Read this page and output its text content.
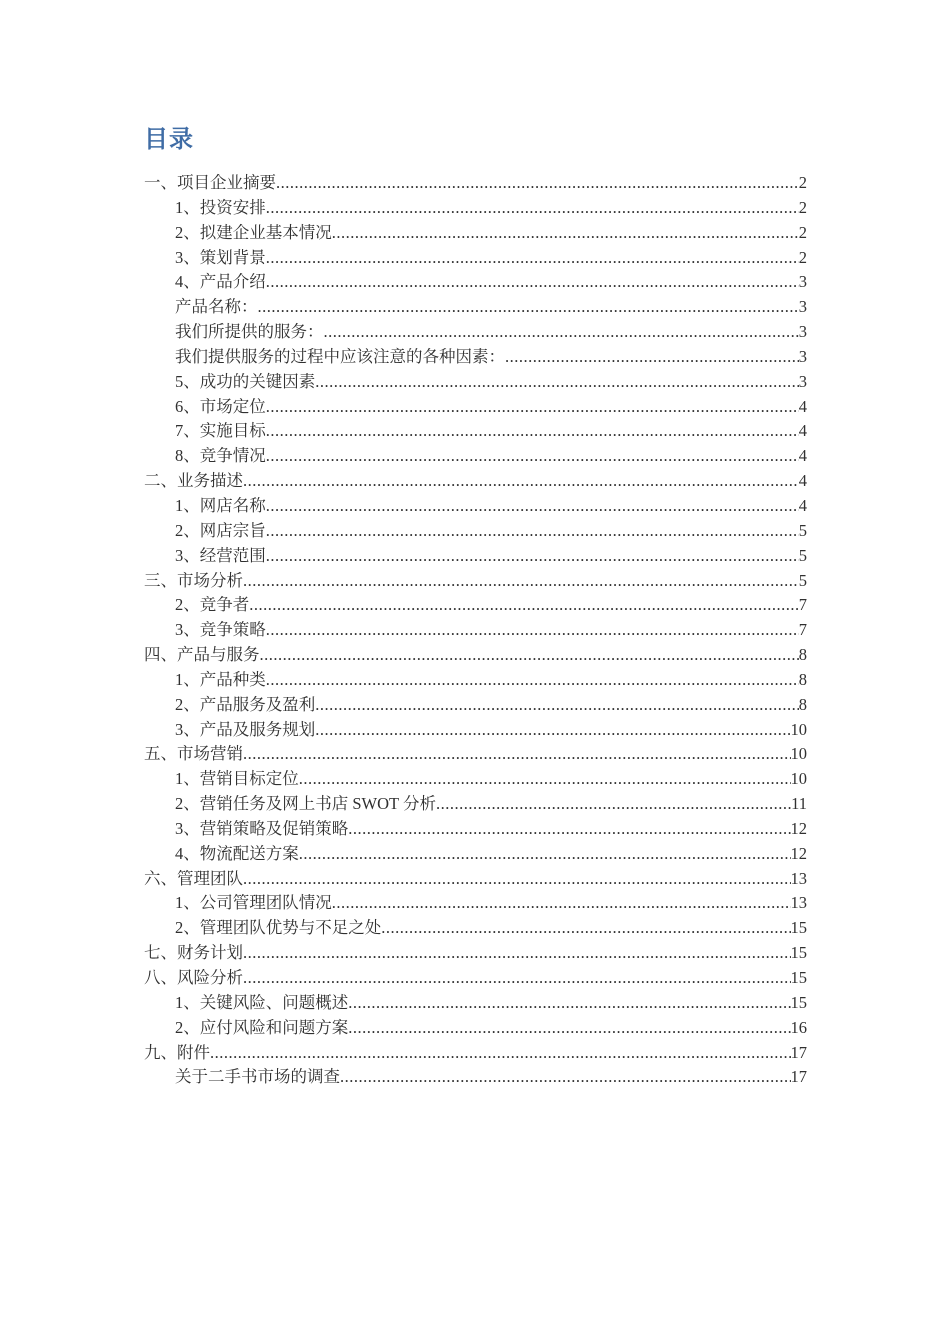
目录
一、项目企业摘要 .....	2
1、投资安排 .....	2
2、拟建企业基本情况 .....	2
3、策划背景 .....	2
4、产品介绍 .....	3
产品名称： .....	3
我们所提供的服务： .....	3
我们提供服务的过程中应该注意的各种因素： .....	3
5、成功的关键因素 .....	3
6、市场定位 .....	4
7、实施目标 .....	4
8、竞争情况 .....	4
二、业务描述 .....	4
1、网店名称 .....	4
2、网店宗旨 .....	5
3、经营范围 .....	5
三、市场分析 .....	5
2、竞争者 .....	7
3、竞争策略 .....	7
四、产品与服务 .....	8
1、产品种类 .....	8
2、产品服务及盈利 .....	8
3、产品及服务规划 .....	10
五、市场营销 .....	10
1、营销目标定位 .....	10
2、营销任务及网上书店 SWOT 分析 .....	11
3、营销策略及促销策略 .....	12
4、物流配送方案 .....	12
六、管理团队 .....	13
1、公司管理团队情况 .....	13
2、管理团队优势与不足之处 .....	15
七、财务计划 .....	15
八、风险分析 .....	15
1、关键风险、问题概述 .....	15
2、应付风险和问题方案 .....	16
九、附件 .....	17
关于二手书市场的调查 .....	17
